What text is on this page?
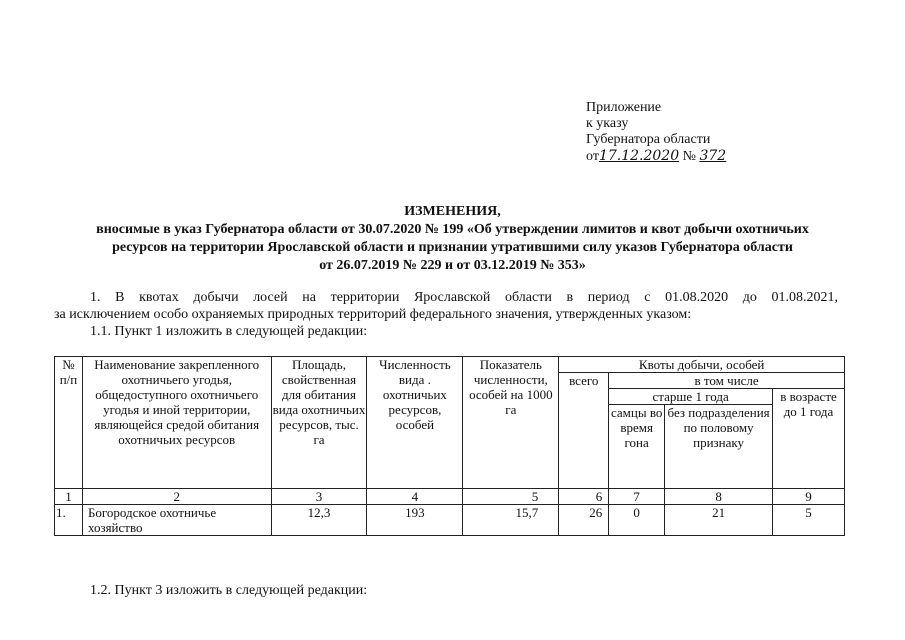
Приложение
к указу
Губернатора области
от17.12.2020 № 372
ИЗМЕНЕНИЯ,
вносимые в указ Губернатора области от 30.07.2020 № 199 «Об утверждении лимитов и квот добычи охотничьих
ресурсов на территории Ярославской области и признании утратившими силу указов Губернатора области
от 26.07.2019 № 229 и от 03.12.2019 № 353»
1. В квотах добычи лосей на территории Ярославской области в период с 01.08.2020 до 01.08.2021,
за исключением особо охраняемых природных территорий федерального значения, утвержденных указом:
1.1. Пункт 1 изложить в следующей редакции:
№ п/п	Наименование закрепленного охотничьего угодья, общедоступного охотничьего угодья и иной территории, являющейся средой обитания охотничьих ресурсов	Площадь, свойственная для обитания вида охотничьих ресурсов, тыс. га	Численность вида . охотничьих ресурсов, особей	Показатель численности, особей на 1000 га	Квоты добычи, особей			
					всего	в том числе		
						старше 1 года		в возрасте до 1 года
						самцы во время гона	без подразделения по половому признаку	
1	2	3	4	5	6	7	8	9
1.	Богородское охотничье хозяйство	12,3	193	15,7	26	0	21	5
1.2. Пункт 3 изложить в следующей редакции:
